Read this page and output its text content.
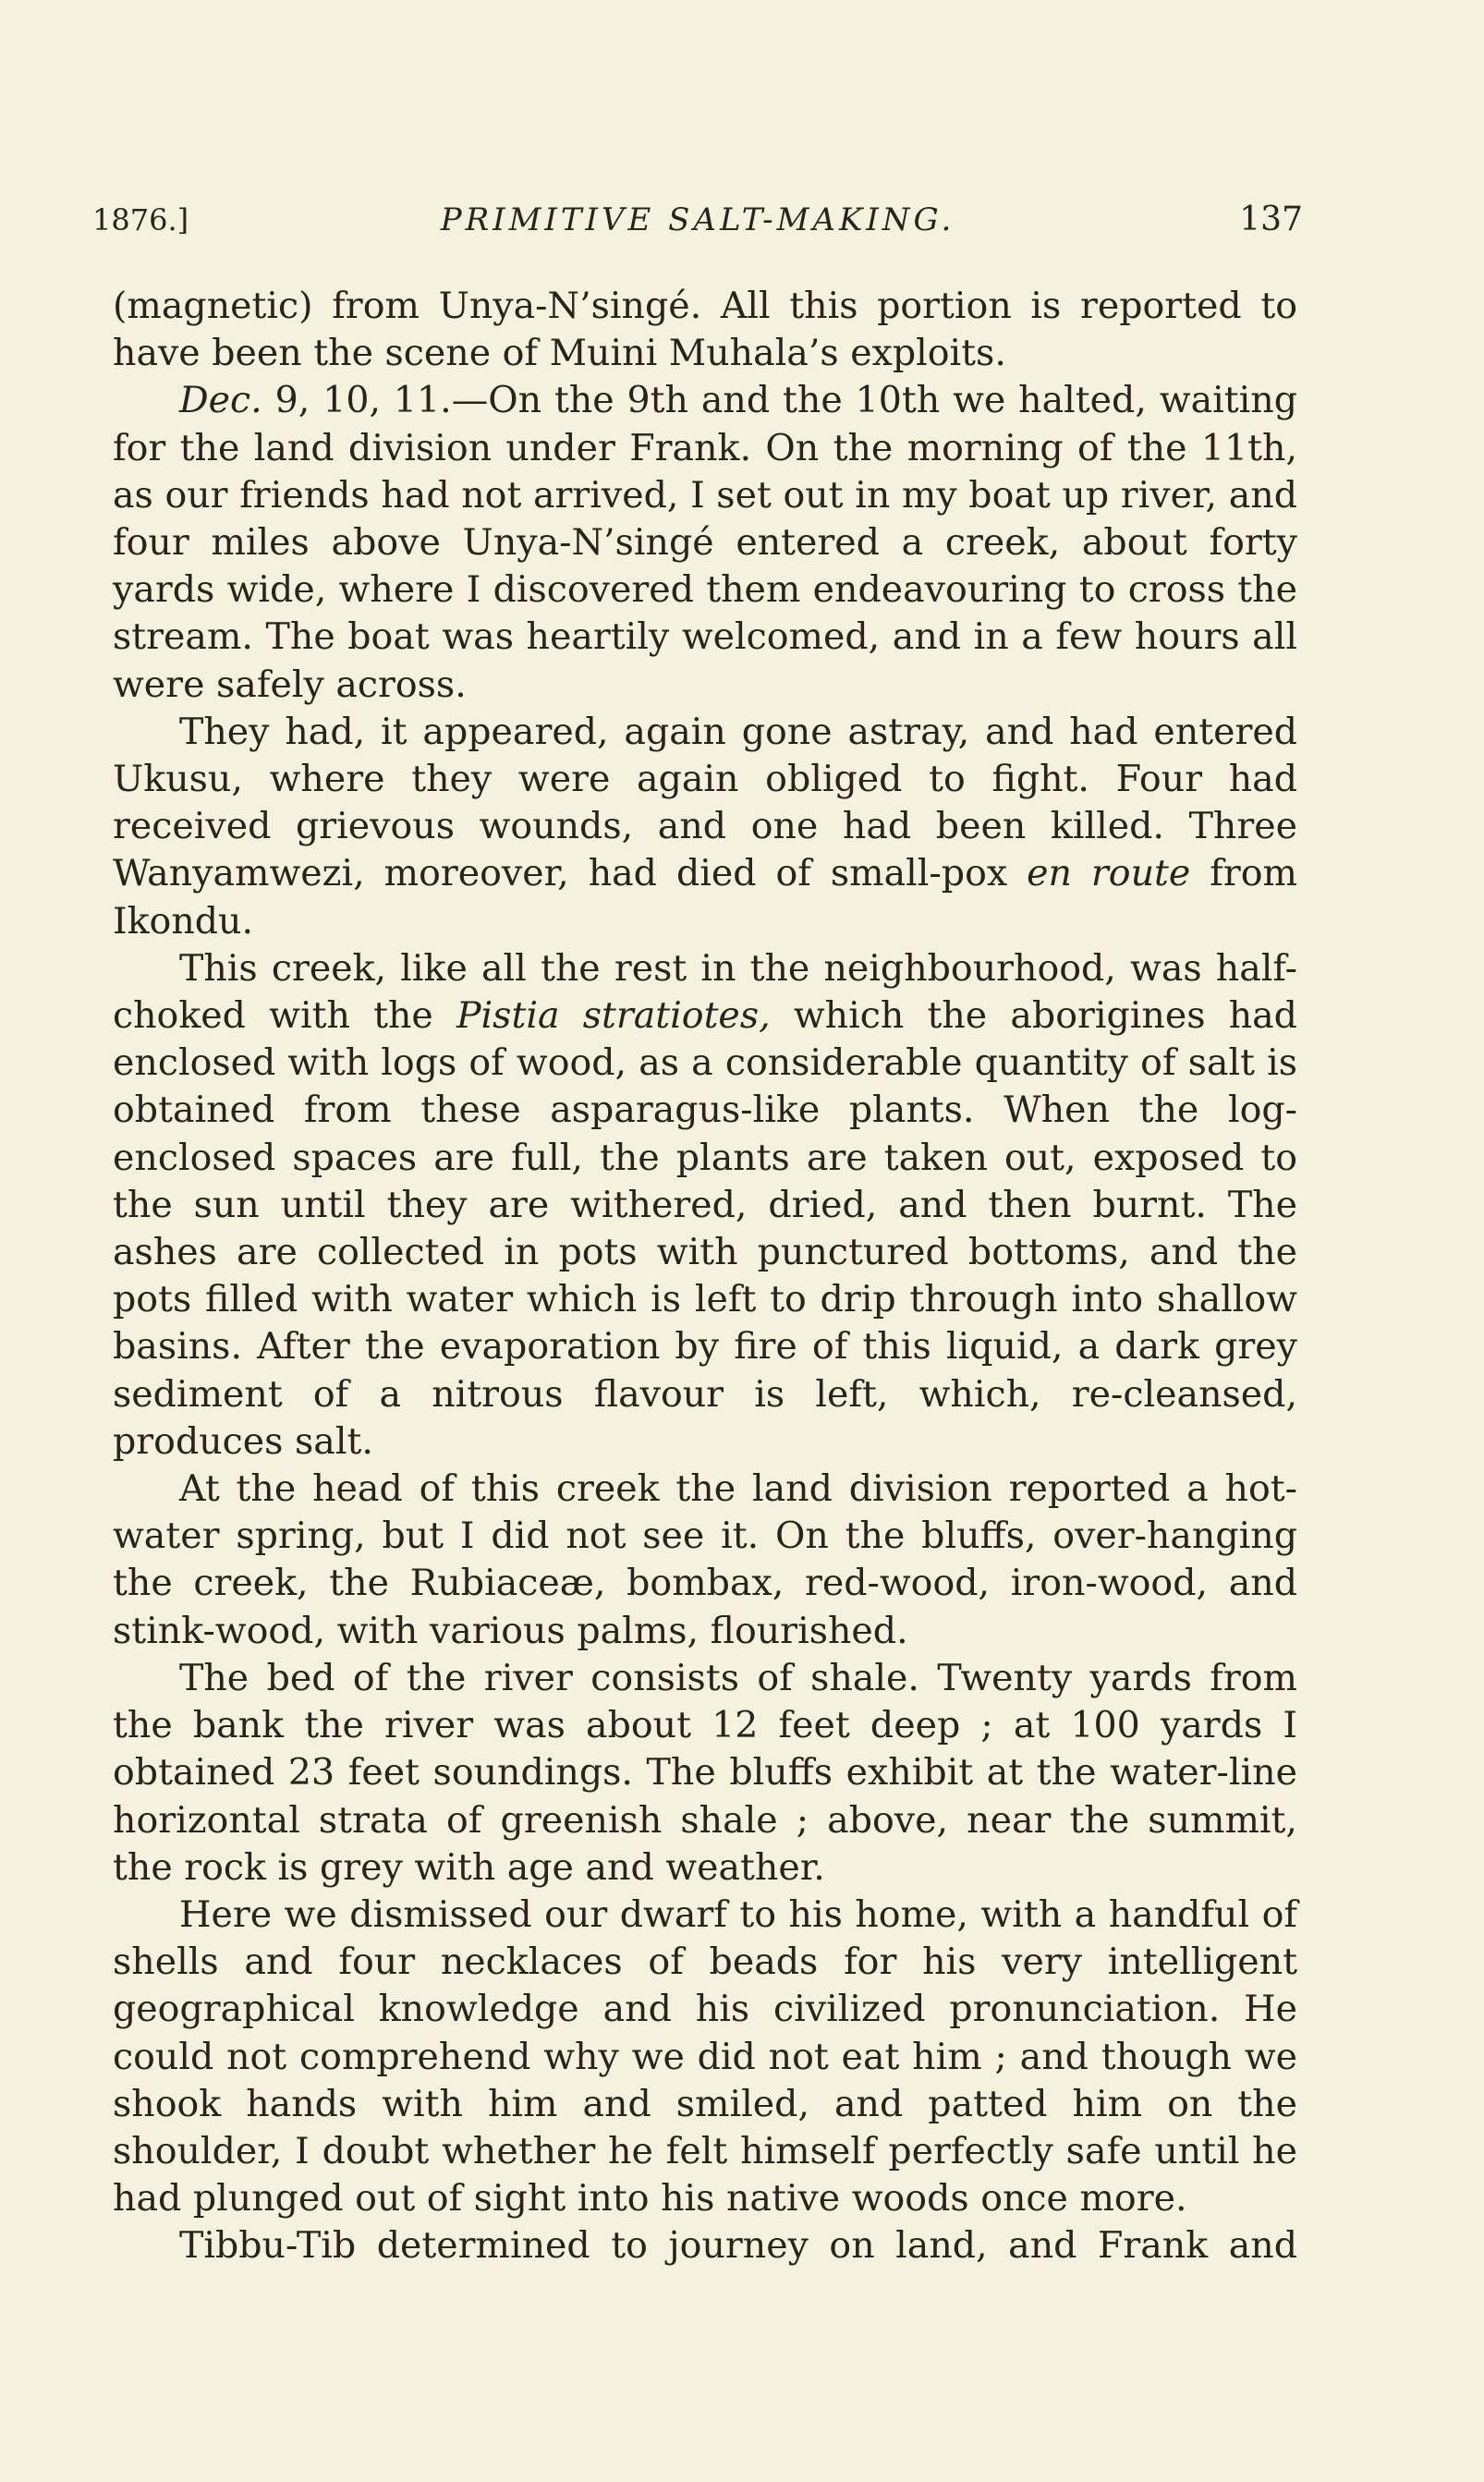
1876.]	PRIMITIVE SALT-MAKING.	137

(magnetic) from Unya-N’singé. All this portion is reported to have been the scene of Muini Muhala’s exploits.

Dec. 9, 10, 11.—On the 9th and the 10th we halted, waiting for the land division under Frank. On the morning of the 11th, as our friends had not arrived, I set out in my boat up river, and four miles above Unya-N’singé entered a creek, about forty yards wide, where I discovered them endeavouring to cross the stream. The boat was heartily welcomed, and in a few hours all were safely across.

They had, it appeared, again gone astray, and had entered Ukusu, where they were again obliged to fight. Four had received grievous wounds, and one had been killed. Three Wanyamwezi, moreover, had died of small-pox en route from Ikondu.

This creek, like all the rest in the neighbourhood, was half-choked with the Pistia stratiotes, which the aborigines had enclosed with logs of wood, as a considerable quantity of salt is obtained from these asparagus-like plants. When the log-enclosed spaces are full, the plants are taken out, exposed to the sun until they are withered, dried, and then burnt. The ashes are collected in pots with punctured bottoms, and the pots filled with water which is left to drip through into shallow basins. After the evaporation by fire of this liquid, a dark grey sediment of a nitrous flavour is left, which, re-cleansed, produces salt.

At the head of this creek the land division reported a hot-water spring, but I did not see it. On the bluffs, over-hanging the creek, the Rubiaceæ, bombax, red-wood, iron-wood, and stink-wood, with various palms, flourished.

The bed of the river consists of shale. Twenty yards from the bank the river was about 12 feet deep ; at 100 yards I obtained 23 feet soundings. The bluffs exhibit at the water-line horizontal strata of greenish shale ; above, near the summit, the rock is grey with age and weather.

Here we dismissed our dwarf to his home, with a handful of shells and four necklaces of beads for his very intelligent geographical knowledge and his civilized pronunciation. He could not comprehend why we did not eat him ; and though we shook hands with him and smiled, and patted him on the shoulder, I doubt whether he felt himself perfectly safe until he had plunged out of sight into his native woods once more.

Tibbu-Tib determined to journey on land, and Frank and
